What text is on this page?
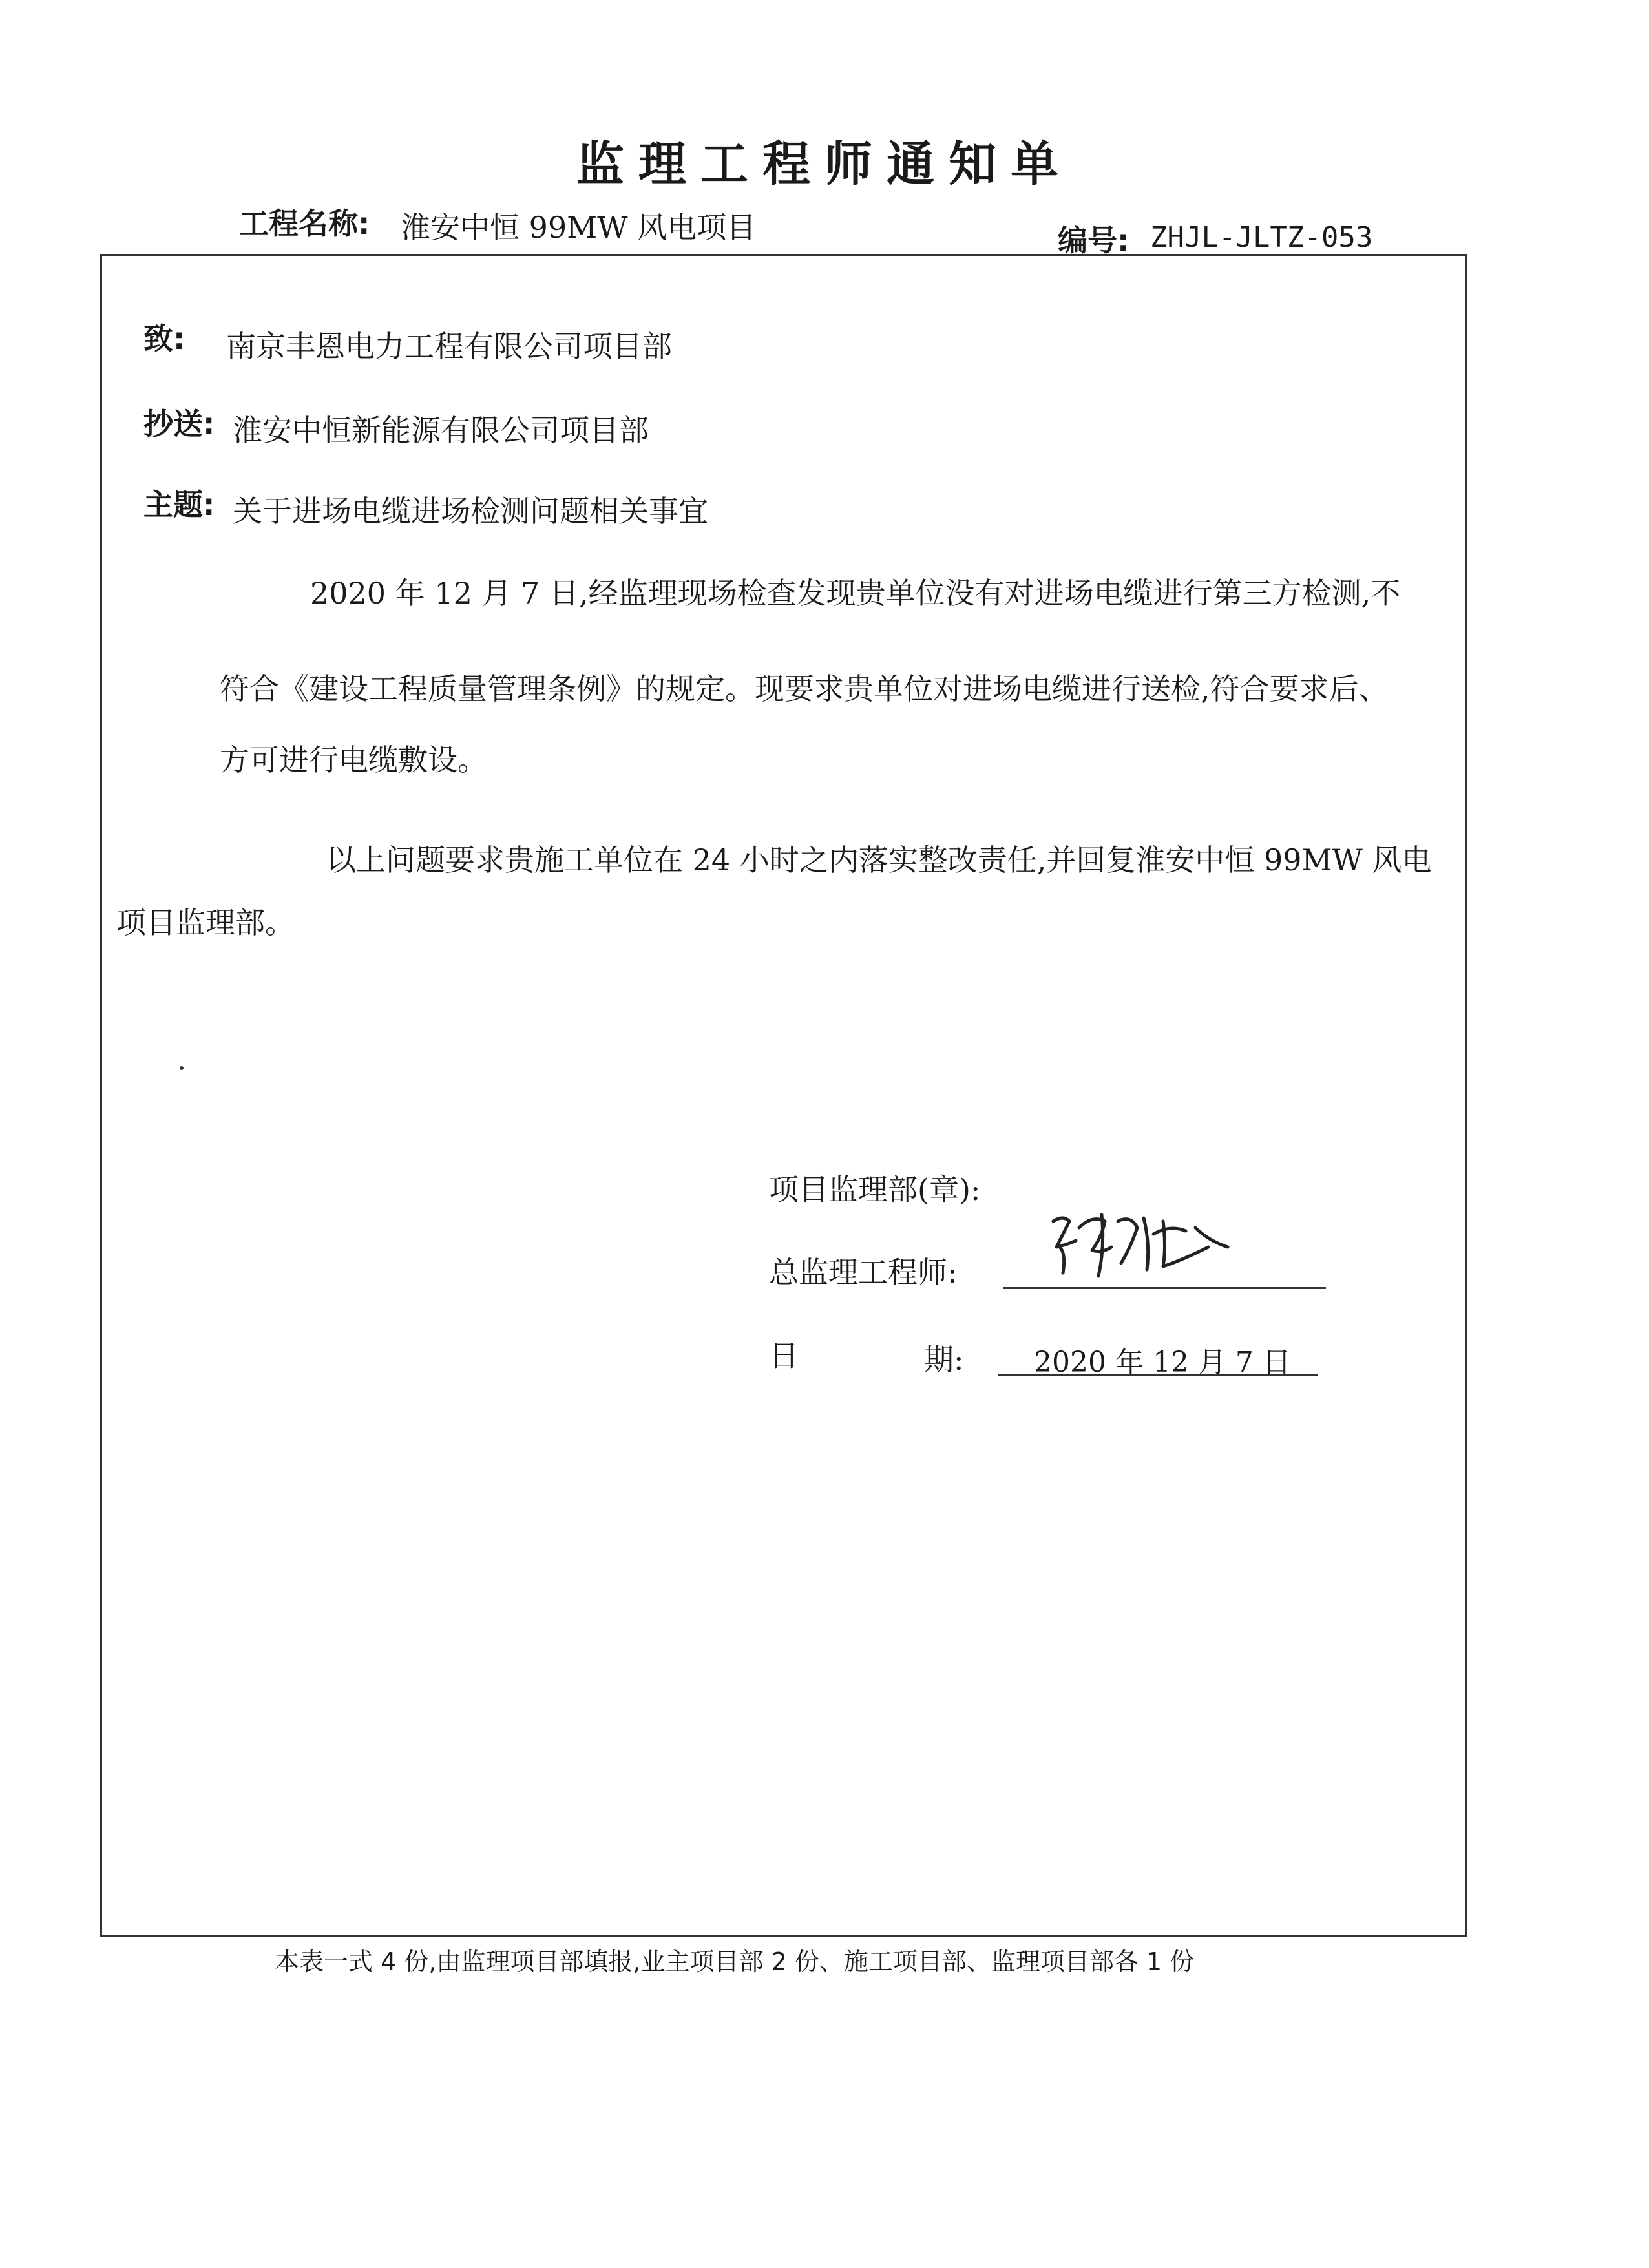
监理工程师通知单
工程名称: 淮安中恒 99MW 风电项目	编号: ZHJL-JLTZ-053
致: 南京丰恩电力工程有限公司项目部
抄送: 淮安中恒新能源有限公司项目部
主题: 关于进场电缆进场检测问题相关事宜
2020 年 12 月 7 日,经监理现场检查发现贵单位没有对进场电缆进行第三方检测,不
符合《建设工程质量管理条例》的规定。现要求贵单位对进场电缆进行送检,符合要求后、
方可进行电缆敷设。
以上问题要求贵施工单位在 24 小时之内落实整改责任,并回复淮安中恒 99MW 风电
项目监理部。
项目监理部(章):
总监理工程师:
日	期: 2020 年 12 月 7 日
本表一式 4 份,由监理项目部填报,业主项目部 2 份、施工项目部、监理项目部各 1 份
